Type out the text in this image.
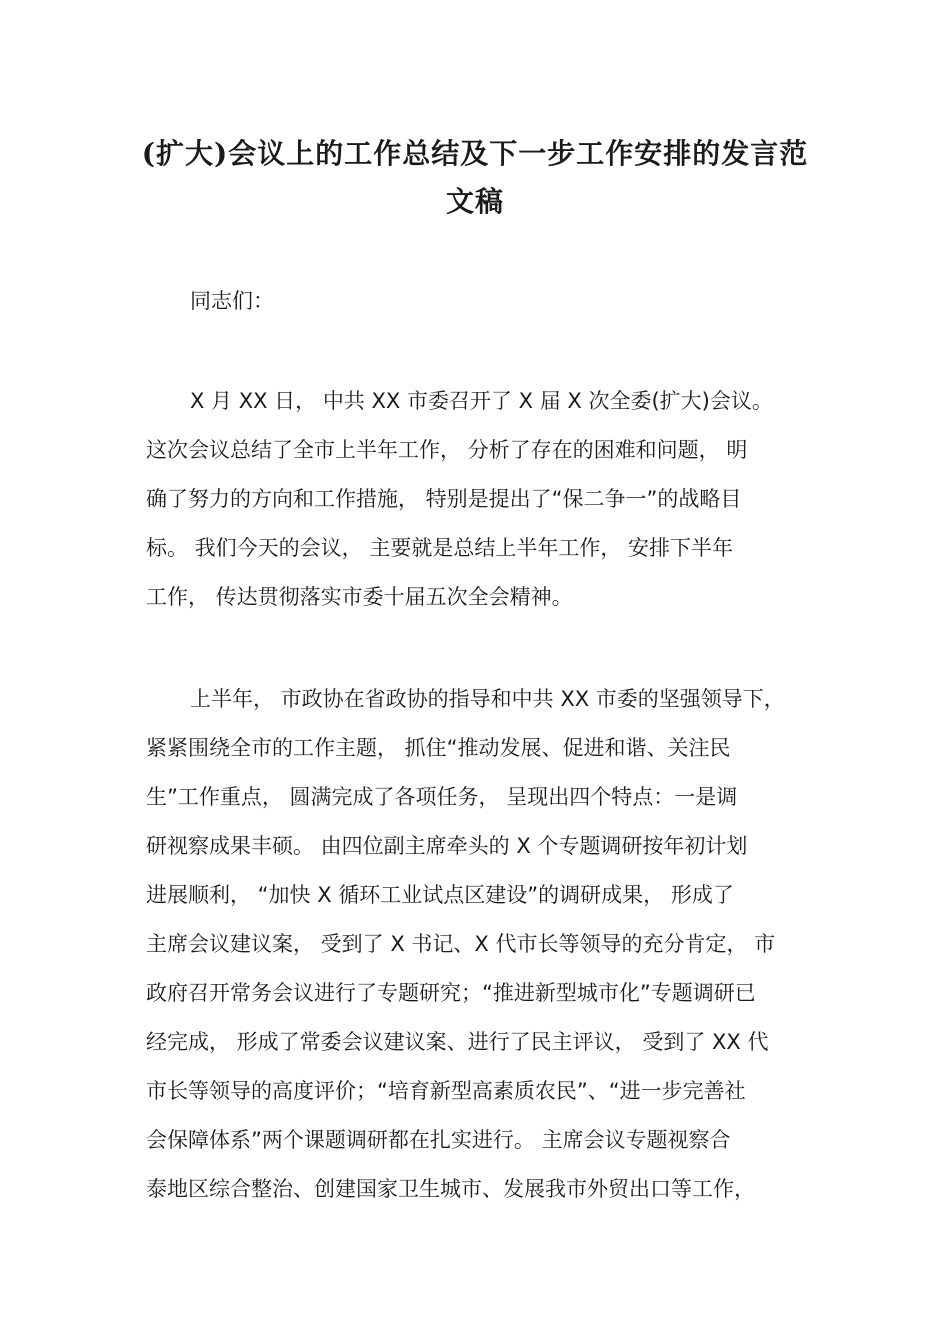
(扩大)会议上的工作总结及下一步工作安排的发言范
文稿

同志们：

X 月 XX 日， 中共 XX 市委召开了 X 届 X 次全委(扩大)会议。

这次会议总结了全市上半年工作， 分析了存在的困难和问题， 明

确了努力的方向和工作措施， 特别是提出了“保二争一”的战略目

标。 我们今天的会议， 主要就是总结上半年工作， 安排下半年

工作， 传达贯彻落实市委十届五次全会精神。

上半年， 市政协在省政协的指导和中共 XX 市委的坚强领导下，

紧紧围绕全市的工作主题， 抓住“推动发展、促进和谐、关注民

生”工作重点， 圆满完成了各项任务， 呈现出四个特点：一是调

研视察成果丰硕。 由四位副主席牵头的 X 个专题调研按年初计划

进展顺利， “加快 X 循环工业试点区建设”的调研成果， 形成了

主席会议建议案， 受到了 X 书记、X 代市长等领导的充分肯定， 市

政府召开常务会议进行了专题研究；“推进新型城市化”专题调研已

经完成， 形成了常委会议建议案、进行了民主评议， 受到了 XX 代

市长等领导的高度评价；“培育新型高素质农民”、“进一步完善社

会保障体系”两个课题调研都在扎实进行。 主席会议专题视察合

泰地区综合整治、创建国家卫生城市、发展我市外贸出口等工作，
